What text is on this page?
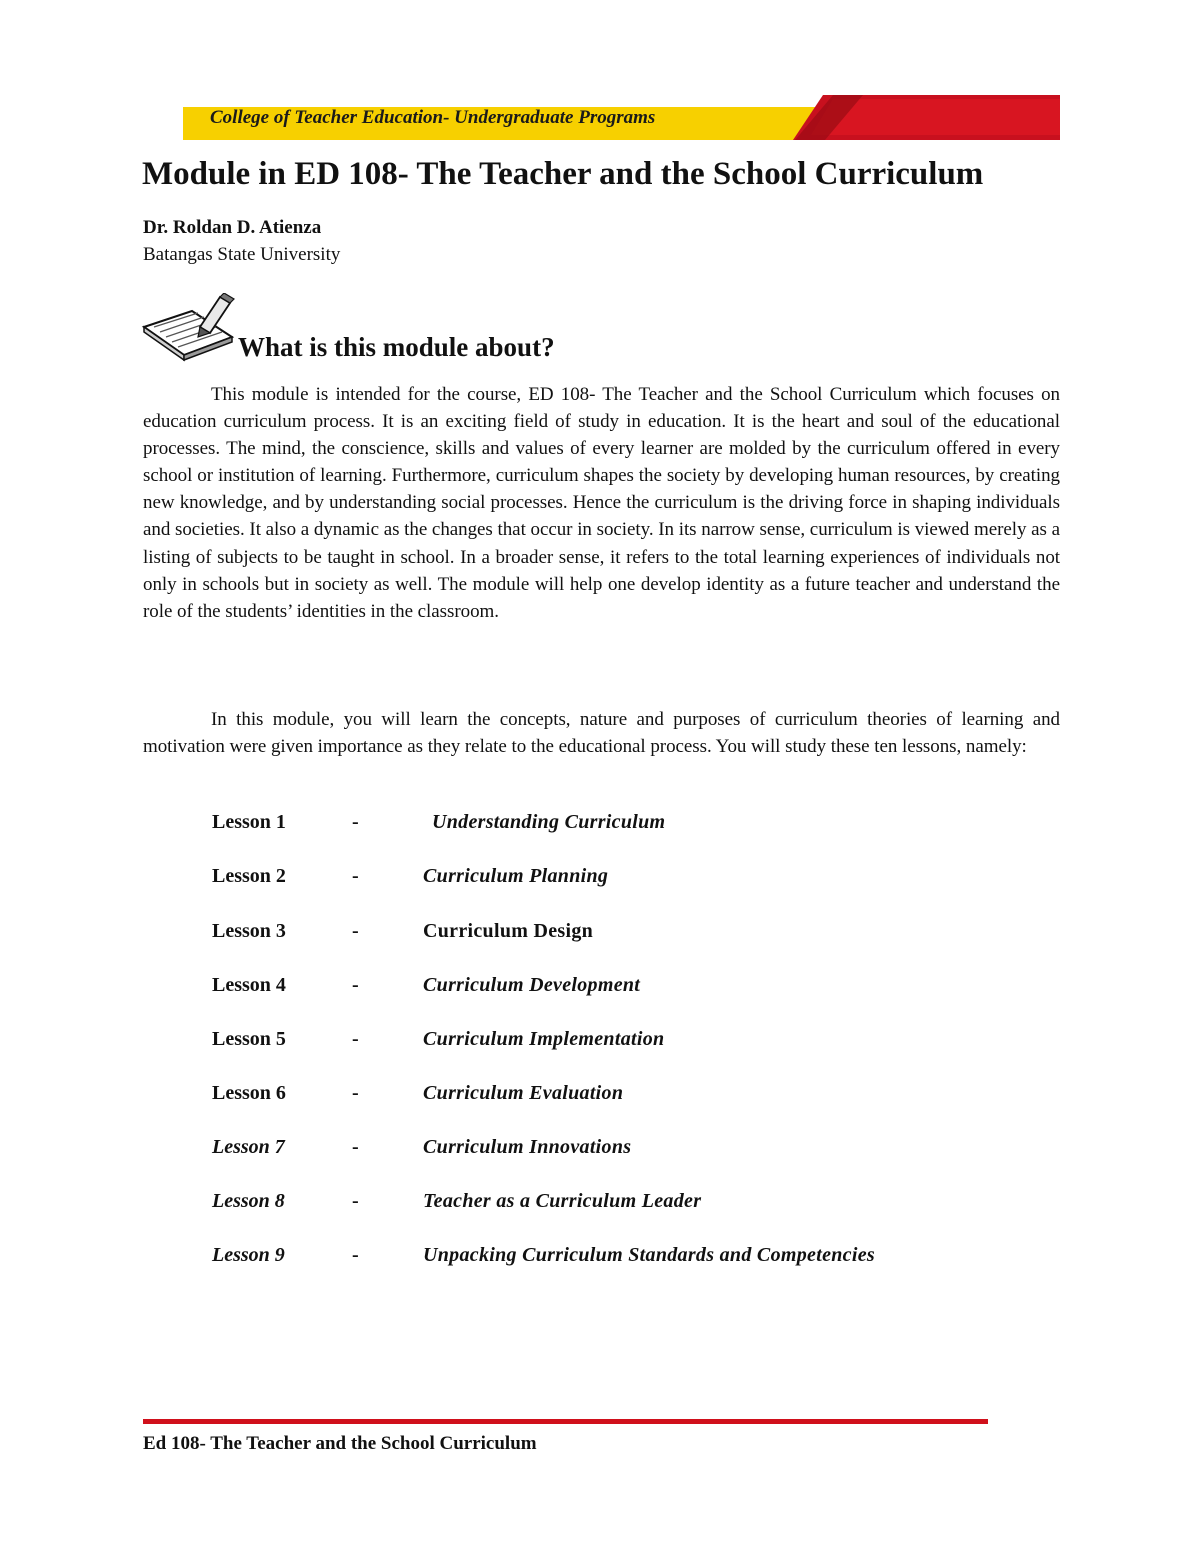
College of Teacher Education- Undergraduate Programs
Module in ED 108- The Teacher and the School Curriculum
Dr. Roldan D. Atienza
Batangas State University
What is this module about?

This module is intended for the course, ED 108- The Teacher and the School Curriculum which focuses on education curriculum process. It is an exciting field of study in education. It is the heart and soul of the educational processes. The mind, the conscience, skills and values of every learner are molded by the curriculum offered in every school or institution of learning. Furthermore, curriculum shapes the society by developing human resources, by creating new knowledge, and by understanding social processes. Hence the curriculum is the driving force in shaping individuals and societies. It also a dynamic as the changes that occur in society. In its narrow sense, curriculum is viewed merely as a listing of subjects to be taught in school. In a broader sense, it refers to the total learning experiences of individuals not only in schools but in society as well. The module will help one develop identity as a future teacher and understand the role of the students’ identities in the classroom.

In this module, you will learn the concepts, nature and purposes of curriculum theories of learning and motivation were given importance as they relate to the educational process. You will study these ten lessons, namely:

Lesson 1	-	Understanding Curriculum
Lesson 2	-	Curriculum Planning
Lesson 3	-	Curriculum Design
Lesson 4	-	Curriculum Development
Lesson 5	-	Curriculum Implementation
Lesson 6	-	Curriculum Evaluation
Lesson 7	-	Curriculum Innovations
Lesson 8	-	Teacher as a Curriculum Leader
Lesson 9	-	Unpacking Curriculum Standards and Competencies
Ed 108- The Teacher and the School Curriculum
